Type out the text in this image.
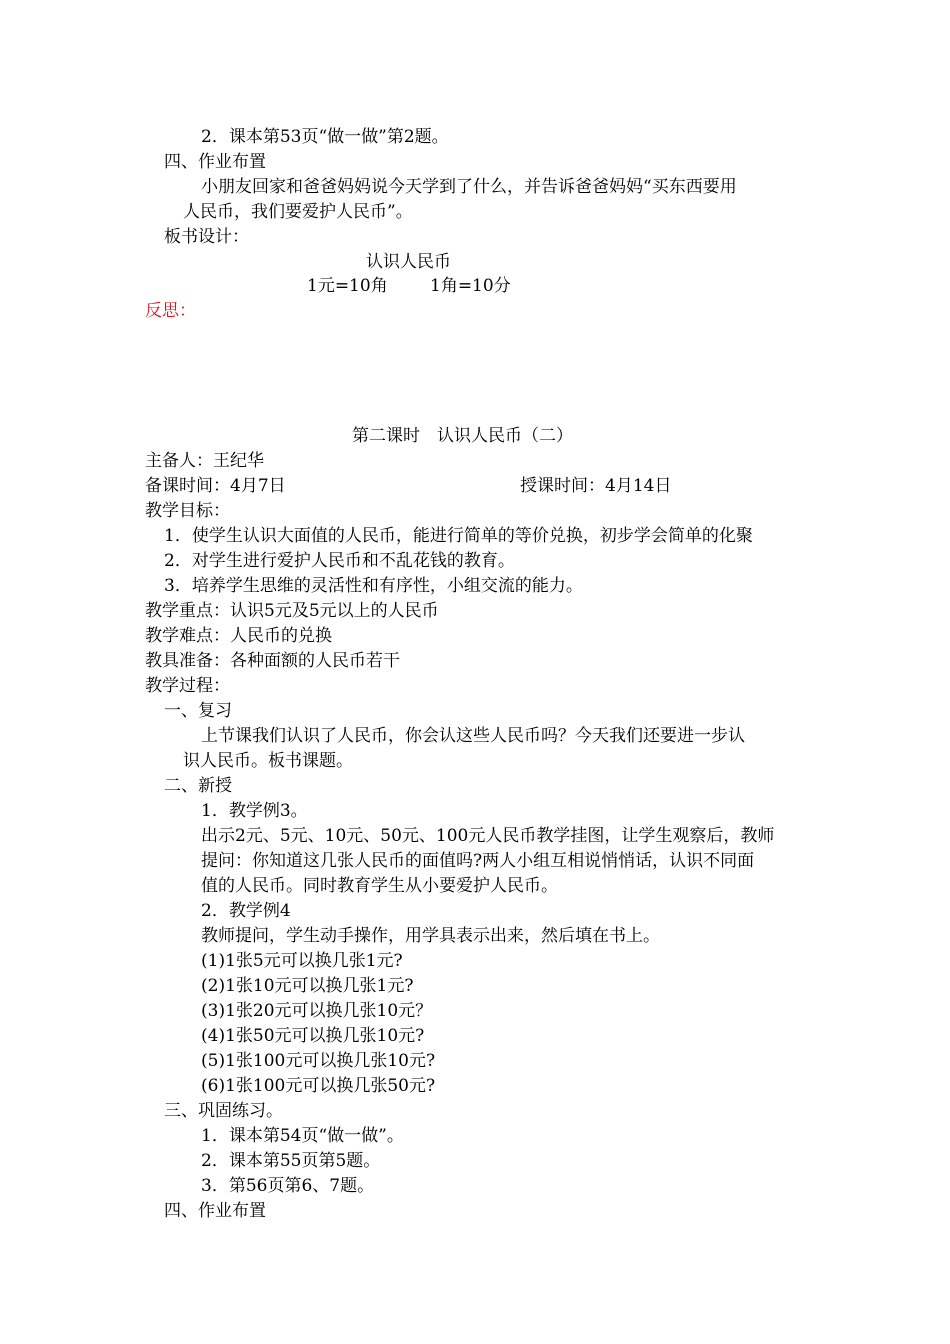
2．课本第53页“做一做”第2题。
四、作业布置
小朋友回家和爸爸妈妈说今天学到了什么，并告诉爸爸妈妈“买东西要用
人民币，我们要爱护人民币”。
板书设计：
认识人民币
1元=10角 1角=10分
反思：
第二课时　认识人民币（二）
主备人：王纪华
备课时间：4月7日	授课时间：4月14日
教学目标：
1．使学生认识大面值的人民币，能进行简单的等价兑换，初步学会简单的化聚
2．对学生进行爱护人民币和不乱花钱的教育。
3．培养学生思维的灵活性和有序性，小组交流的能力。
教学重点：认识5元及5元以上的人民币
教学难点：人民币的兑换
教具准备：各种面额的人民币若干
教学过程：
一、复习
上节课我们认识了人民币，你会认这些人民币吗？今天我们还要进一步认
识人民币。板书课题。
二、新授
1．教学例3。
出示2元、5元、10元、50元、100元人民币教学挂图，让学生观察后，教师
提问：你知道这几张人民币的面值吗?两人小组互相说悄悄话，认识不同面
值的人民币。同时教育学生从小要爱护人民币。
2．教学例4
教师提问，学生动手操作，用学具表示出来，然后填在书上。
(1)1张5元可以换几张1元?
(2)1张10元可以换几张1元?
(3)1张20元可以换几张10元？
(4)1张50元可以换几张10元?
(5)1张100元可以换几张10元?
(6)1张100元可以换几张50元?
三、巩固练习。
1．课本第54页“做一做”。
2．课本第55页第5题。
3．第56页第6、7题。
四、作业布置
